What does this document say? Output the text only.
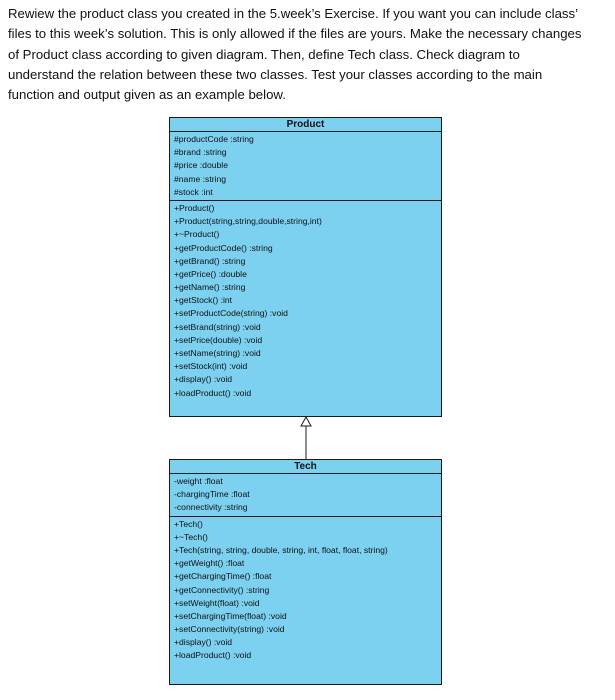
Rewiew the product class you created in the 5.week’s Exercise. If you want you can include class’
files to this week’s solution. This is only allowed if the files are yours. Make the necessary changes
of Product class according to given diagram. Then, define Tech class. Check diagram to
understand the relation between these two classes. Test your classes according to the main
function and output given as an example below.
Product
#productCode :string
#brand :string
#price :double
#name :string
#stock :int
+Product()
+Product(string,string,double,string,int)
+~Product()
+getProductCode() :string
+getBrand() :string
+getPrice() :double
+getName() :string
+getStock() :int
+setProductCode(string) :void
+setBrand(string) :void
+setPrice(double) :void
+setName(string) :void
+setStock(int) :void
+display() :void
+loadProduct() :void
Tech
-weight :float
-chargingTime :float
-connectivity :string
+Tech()
+~Tech()
+Tech(string, string, double, string, int, float, float, string)
+getWeight() :float
+getChargingTime() :float
+getConnectivity() :string
+setWeight(float) :void
+setChargingTime(float) :void
+setConnectivity(string) :void
+display() :void
+loadProduct() :void
